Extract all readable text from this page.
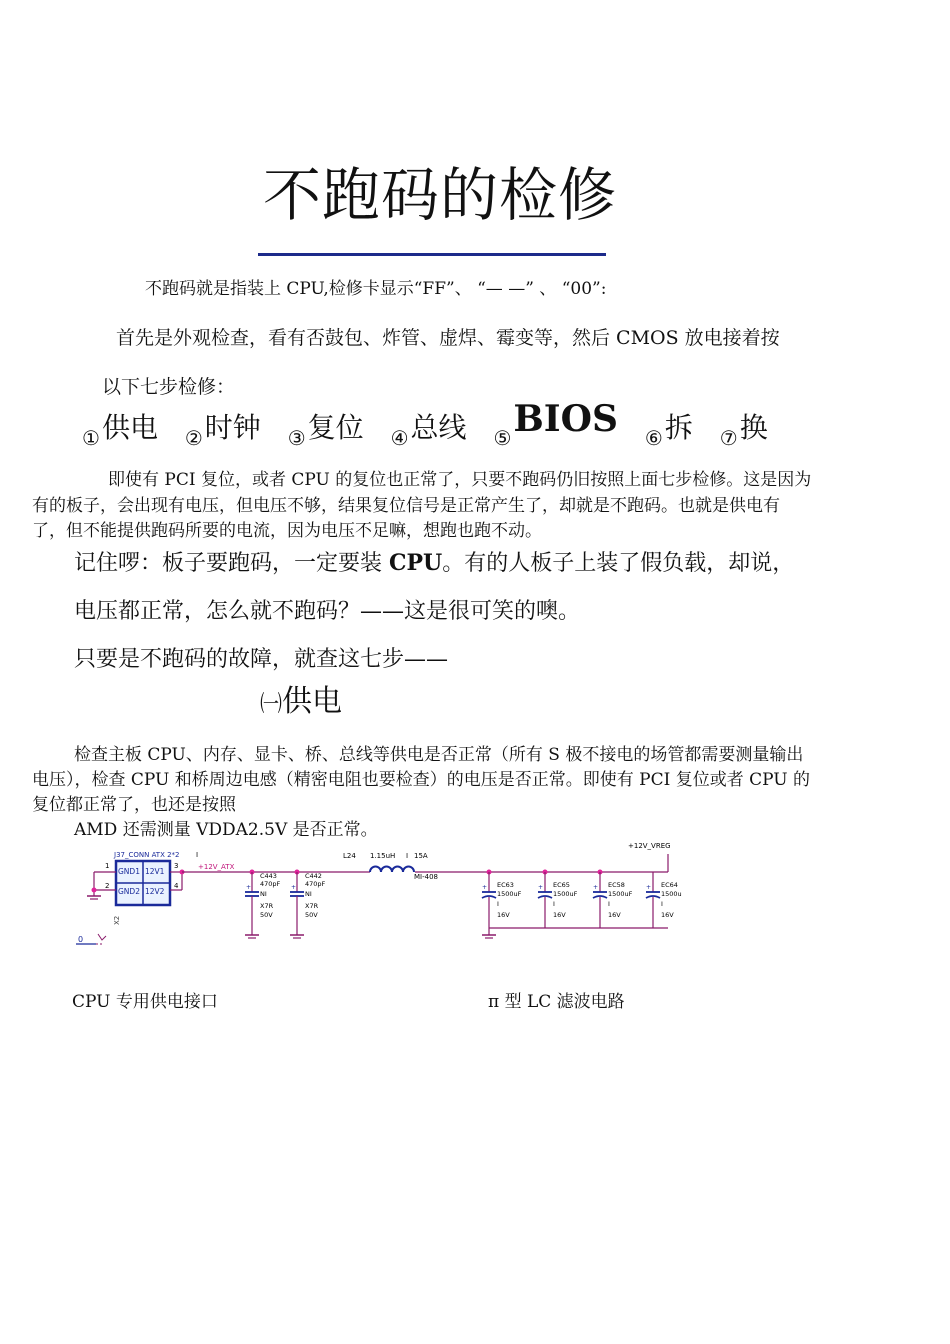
不跑码的检修
不跑码就是指装上 CPU,检修卡显示“FF”、 “— —” 、 “00”:
首先是外观检查，看有否鼓包、炸管、虚焊、霉变等，然后 CMOS 放电接着按
以下七步检修：
$_①$供电 $_②$时钟 $_③$复位 $_④$总线 $_⑤$BIOS $_⑥$拆 $_⑦$换
即使有 PCI 复位，或者 CPU 的复位也正常了，只要不跑码仍旧按照上面七步检修。这是因为
有的板子，会出现有电压，但电压不够，结果复位信号是正常产生了，却就是不跑码。也就是供电有
了，但不能提供跑码所要的电流，因为电压不足嘛，想跑也跑不动。
记住啰：板子要跑码，一定要装 CPU。有的人板子上装了假负载，却说，
电压都正常，怎么就不跑码？——这是很可笑的噢。
只要是不跑码的故障，就查这七步——
㈠供电
检查主板 CPU、内存、显卡、桥、总线等供电是否正常（所有 S 极不接电的场管都需要测量输出
电压），检查 CPU 和桥周边电感（精密电阻也要检查）的电压是否正常。即使有 PCI 复位或者 CPU 的
复位都正常了，也还是按照
AMD 还需测量 VDDA2.5V 是否正常。
J37_CONN ATX 2*2 I
GND1 12V1
GND2 12V2
X2
1
2
3
4
+12V_ATX
L24 1.15uH I 15A
MI-408
+12V_VREG
+
C443
470pF
NI
X7R
50V
+
C442
470pF
NI
X7R
50V
+ EC63
1500uF
I
16V
+ EC65
1500uF
I
16V
+ EC58
1500uF
I
16V
+ EC64
1500u
I
16V
0
CPU 专用供电接口	π 型 LC 滤波电路
